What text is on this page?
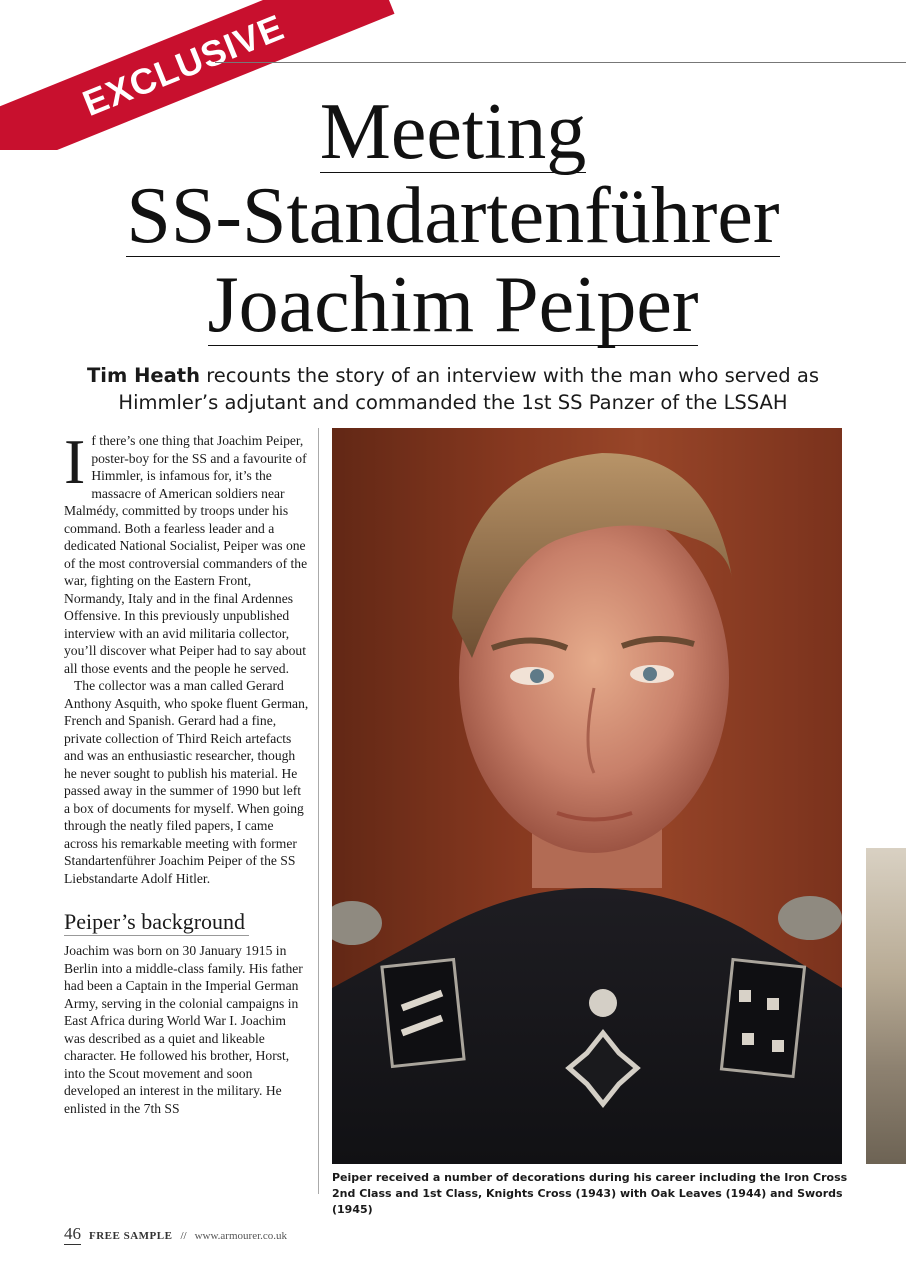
EXCLUSIVE
Meeting
SS-Standartenführer
Joachim Peiper
Tim Heath recounts the story of an interview with the man who served as Himmler’s adjutant and commanded the 1st SS Panzer of the LSSAH

If there’s one thing that Joachim Peiper, poster-boy for the SS and a favourite of Himmler, is infamous for, it’s the massacre of American soldiers near Malmédy, committed by troops under his command. Both a fearless leader and a dedicated National Socialist, Peiper was one of the most controversial commanders of the war, fighting on the Eastern Front, Normandy, Italy and in the final Ardennes Offensive. In this previously unpublished interview with an avid militaria collector, you’ll discover what Peiper had to say about all those events and the people he served.

The collector was a man called Gerard Anthony Asquith, who spoke fluent German, French and Spanish. Gerard had a fine, private collection of Third Reich artefacts and was an enthusiastic researcher, though he never sought to publish his material. He passed away in the summer of 1990 but left a box of documents for myself. When going through the neatly filed papers, I came across his remarkable meeting with former Standartenführer Joachim Peiper of the SS Liebstandarte Adolf Hitler.

Peiper’s background

Joachim was born on 30 January 1915 in Berlin into a middle-class family. His father had been a Captain in the Imperial German Army, serving in the colonial campaigns in East Africa during World War I. Joachim was described as a quiet and likeable character. He followed his brother, Horst, into the Scout movement and soon developed an interest in the military. He enlisted in the 7th SS

Peiper received a number of decorations during his career including the Iron Cross 2nd Class and 1st Class, Knights Cross (1943) with Oak Leaves (1944) and Swords (1945)
46 FREE SAMPLE // www.armourer.co.uk
